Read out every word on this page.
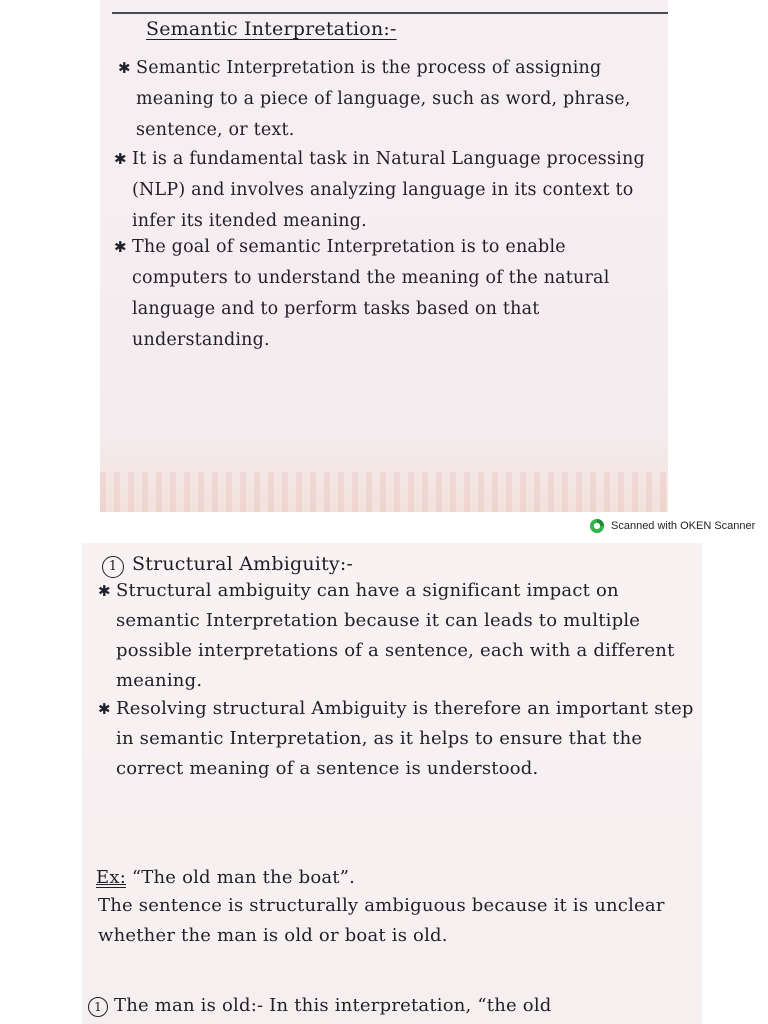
Semantic Interpretation:-

✱ Semantic Interpretation is the process of assigning meaning to a piece of language, such as word, phrase, sentence, or text.

✱ It is a fundamental task in Natural Language processing (NLP) and involves analyzing language in its context to infer its itended meaning.

✱ The goal of semantic Interpretation is to enable computers to understand the meaning of the natural language and to perform tasks based on that understanding.

Scanned with OKEN Scanner
1 Structural Ambiguity:-

✱ Structural ambiguity can have a significant impact on semantic Interpretation because it can leads to multiple possible interpretations of a sentence, each with a different meaning.

✱ Resolving structural Ambiguity is therefore an important step in semantic Interpretation, as it helps to ensure that the correct meaning of a sentence is understood.

Ex: “The old man the boat”.

The sentence is structurally ambiguous because it is unclear whether the man is old or boat is old.

1 The man is old:- In this interpretation, “the old
